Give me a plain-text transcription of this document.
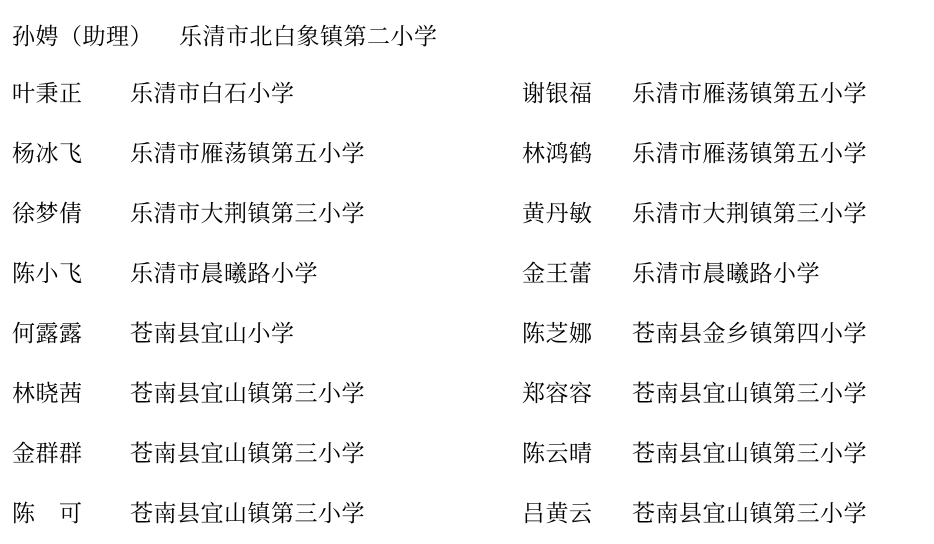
孙娉（助理） 乐清市北白象镇第二小学
叶秉正	乐清市白石小学	谢银福	乐清市雁荡镇第五小学
杨冰飞	乐清市雁荡镇第五小学	林鸿鹤	乐清市雁荡镇第五小学
徐梦倩	乐清市大荆镇第三小学	黄丹敏	乐清市大荆镇第三小学
陈小飞	乐清市晨曦路小学	金王蕾	乐清市晨曦路小学
何露露	苍南县宜山小学	陈芝娜	苍南县金乡镇第四小学
林晓茜	苍南县宜山镇第三小学	郑容容	苍南县宜山镇第三小学
金群群	苍南县宜山镇第三小学	陈云晴	苍南县宜山镇第三小学
陈　可	苍南县宜山镇第三小学	吕黄云	苍南县宜山镇第三小学
